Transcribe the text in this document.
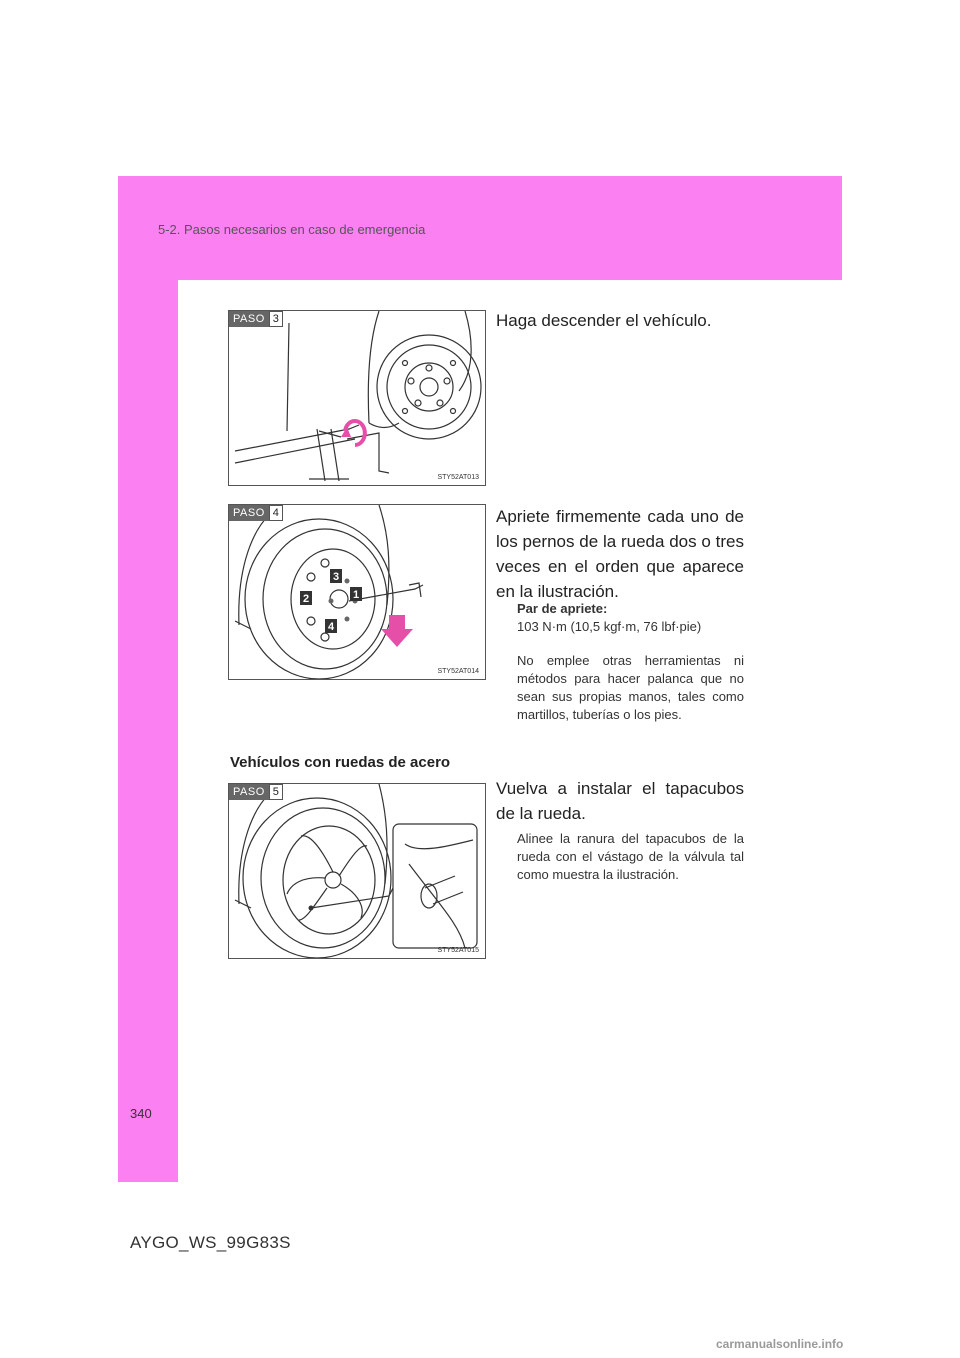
5-2. Pasos necesarios en caso de emergencia
PASO 3
STY52AT013
Haga descender el vehículo.
3
1
2
4
PASO 4
STY52AT014
Apriete firmemente cada uno de los pernos de la rueda dos o tres veces en el orden que aparece en la ilustración.
Par de apriete:
103 N·m (10,5 kgf·m, 76 lbf·pie)
No emplee otras herramientas ni métodos para hacer palanca que no sean sus propias manos, tales como martillos, tuberías o los pies.
Vehículos con ruedas de acero
PASO 5
STY52AT015
Vuelva a instalar el tapacubos de la rueda.
Alinee la ranura del tapacubos de la rueda con el vástago de la válvula tal como muestra la ilustración.
340
AYGO_WS_99G83S
carmanualsonline.info
